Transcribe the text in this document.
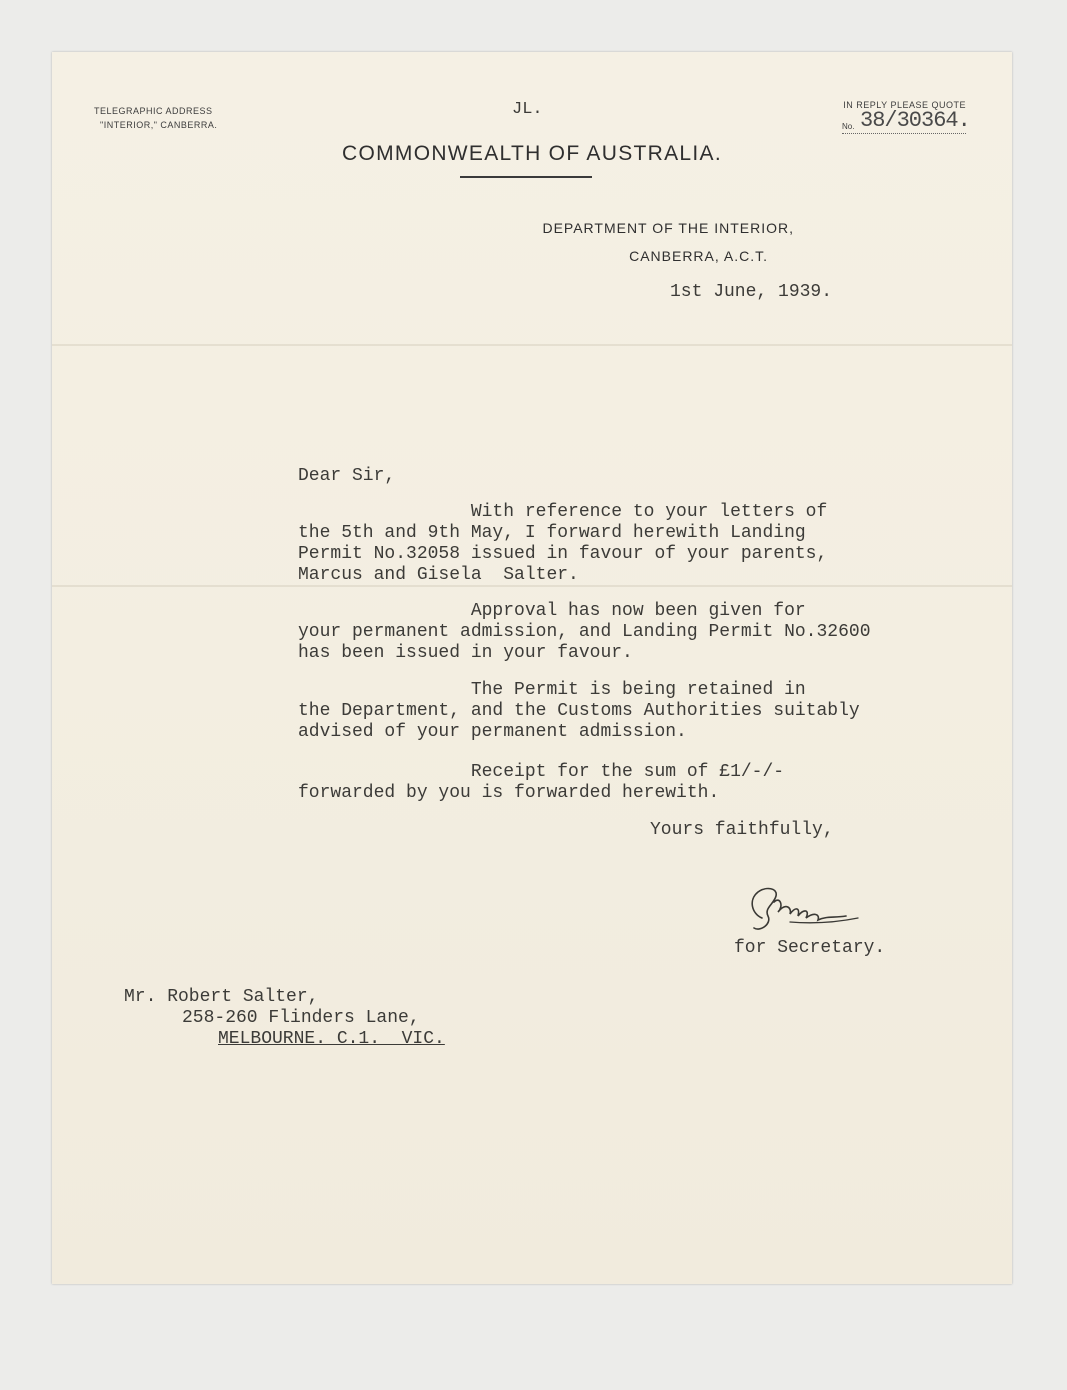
TELEGRAPHIC ADDRESS
"INTERIOR," CANBERRA.
JL.	IN REPLY PLEASE QUOTE
No. 38/30364.
COMMONWEALTH OF AUSTRALIA.
DEPARTMENT OF THE INTERIOR,
CANBERRA, A.C.T.
1st June, 1939.
Dear Sir,
With reference to your letters of
the 5th and 9th May, I forward herewith Landing
Permit No.32058 issued in favour of your parents,
Marcus and Gisela  Salter.
Approval has now been given for
your permanent admission, and Landing Permit No.32600
has been issued in your favour.
The Permit is being retained in
the Department, and the Customs Authorities suitably
advised of your permanent admission.
Receipt for the sum of £1/-/-
forwarded by you is forwarded herewith.
Yours faithfully,
for Secretary.
Mr. Robert Salter,
258-260 Flinders Lane,
MELBOURNE. C.1.  VIC.
